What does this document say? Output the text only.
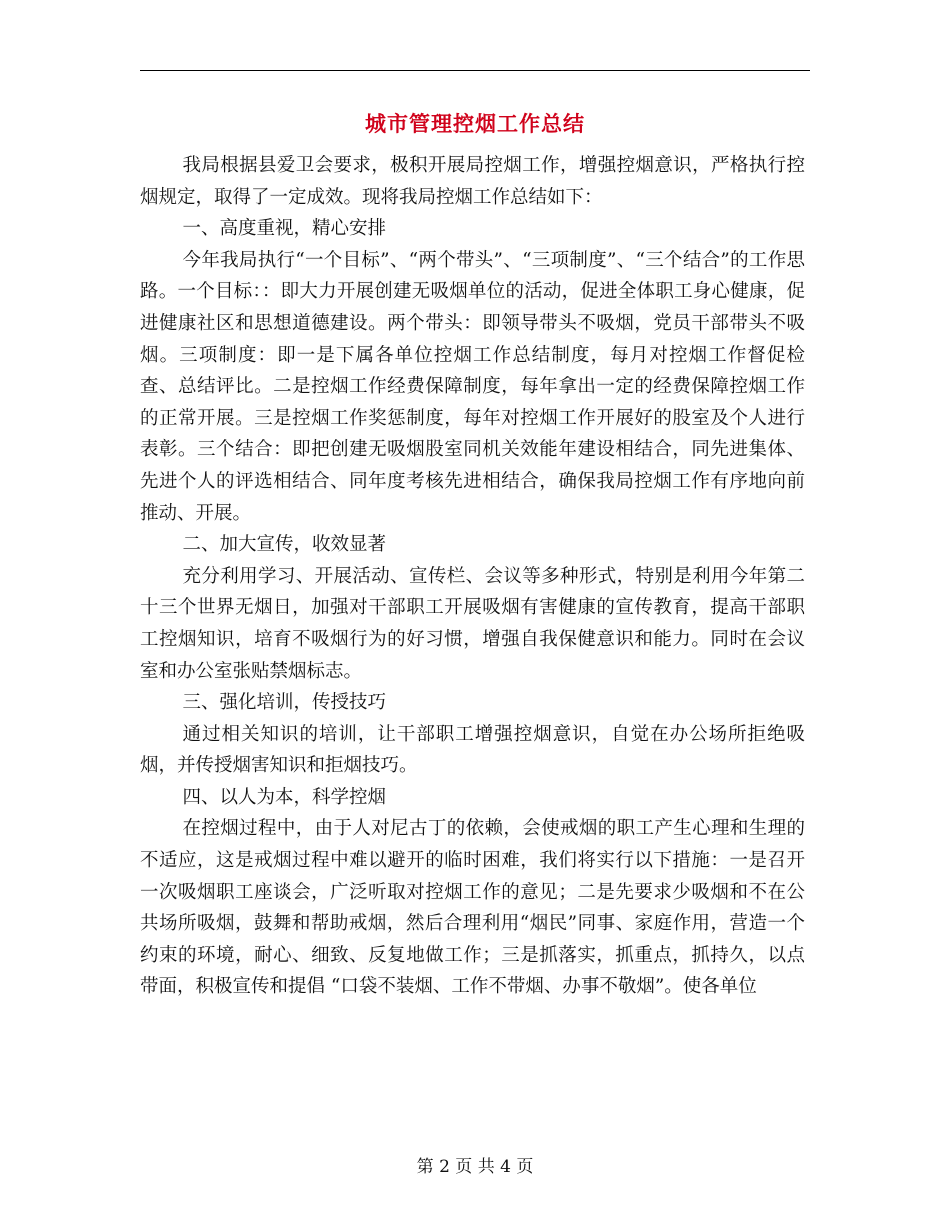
城市管理控烟工作总结

我局根据县爱卫会要求，极积开展局控烟工作，增强控烟意识，严格执行控烟规定，取得了一定成效。现将我局控烟工作总结如下：

一、高度重视，精心安排

今年我局执行“一个目标”、“两个带头”、“三项制度”、“三个结合”的工作思路。一个目标：：即大力开展创建无吸烟单位的活动，促进全体职工身心健康，促进健康社区和思想道德建设。两个带头：即领导带头不吸烟，党员干部带头不吸烟。三项制度：即一是下属各单位控烟工作总结制度，每月对控烟工作督促检查、总结评比。二是控烟工作经费保障制度，每年拿出一定的经费保障控烟工作的正常开展。三是控烟工作奖惩制度，每年对控烟工作开展好的股室及个人进行表彰。三个结合：即把创建无吸烟股室同机关效能年建设相结合，同先进集体、先进个人的评选相结合、同年度考核先进相结合，确保我局控烟工作有序地向前推动、开展。

二、加大宣传，收效显著

充分利用学习、开展活动、宣传栏、会议等多种形式，特别是利用今年第二十三个世界无烟日，加强对干部职工开展吸烟有害健康的宣传教育，提高干部职工控烟知识，培育不吸烟行为的好习惯，增强自我保健意识和能力。同时在会议室和办公室张贴禁烟标志。

三、强化培训，传授技巧

通过相关知识的培训，让干部职工增强控烟意识，自觉在办公场所拒绝吸烟，并传授烟害知识和拒烟技巧。

四、以人为本，科学控烟

在控烟过程中，由于人对尼古丁的依赖，会使戒烟的职工产生心理和生理的不适应，这是戒烟过程中难以避开的临时困难，我们将实行以下措施：一是召开一次吸烟职工座谈会，广泛听取对控烟工作的意见；二是先要求少吸烟和不在公共场所吸烟，鼓舞和帮助戒烟，然后合理利用“烟民”同事、家庭作用，营造一个约束的环境，耐心、细致、反复地做工作；三是抓落实，抓重点，抓持久，以点带面，积极宣传和提倡 “口袋不装烟、工作不带烟、办事不敬烟”。使各单位

第 2 页 共 4 页
